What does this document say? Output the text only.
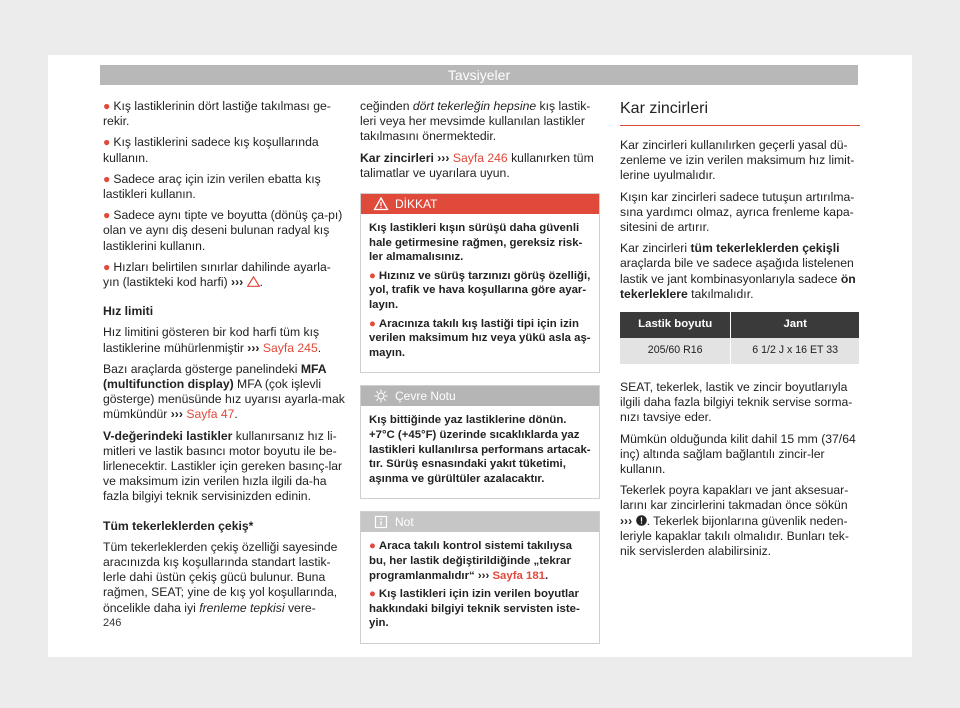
Tavsiyeler

● Kış lastiklerinin dört lastiğe takılması ge-rekir.

● Kış lastiklerini sadece kış koşullarında kullanın.

● Sadece araç için izin verilen ebatta kış lastikleri kullanın.

● Sadece aynı tipte ve boyutta (dönüş ça-pı) olan ve aynı diş deseni bulunan radyal kış lastiklerini kullanın.

● Hızları belirtilen sınırlar dahilinde ayarla-yın (lastikteki kod harfi) ››› .

Hız limiti

Hız limitini gösteren bir kod harfi tüm kış lastiklerine mühürlenmiştir ››› Sayfa 245.

Bazı araçlarda gösterge panelindeki MFA (multifunction display) MFA (çok işlevli gösterge) menüsünde hız uyarısı ayarla-mak mümkündür ››› Sayfa 47.

V-değerindeki lastikler kullanırsanız hız li-mitleri ve lastik basıncı motor boyutu ile be-lirlenecektir. Lastikler için gereken basınç-lar ve maksimum izin verilen hızla ilgili da-ha fazla bilgiyi teknik servisinizden edinin.

Tüm tekerleklerden çekiş*

Tüm tekerleklerden çekiş özelliği sayesinde aracınızda kış koşullarında standart lastik-lerle dahi üstün çekiş gücü bulunur. Buna rağmen, SEAT; yine de kış yol koşullarında, öncelikle daha iyi frenleme tepkisi vere-

ceğinden dört tekerleğin hepsine kış lastik-leri veya her mevsimde kullanılan lastikler takılmasını önermektedir.

Kar zincirleri ››› Sayfa 246 kullanırken tüm talimatlar ve uyarılara uyun.

DİKKAT

Kış lastikleri kışın sürüşü daha güvenli hale getirmesine rağmen, gereksiz risk-ler almamalısınız.

● Hızınız ve sürüş tarzınızı görüş özelliği, yol, trafik ve hava koşullarına göre ayar-layın.

● Aracınıza takılı kış lastiği tipi için izin verilen maksimum hız veya yükü asla aş-mayın.

Çevre Notu

Kış bittiğinde yaz lastiklerine dönün. +7°C (+45°F) üzerinde sıcaklıklarda yaz lastikleri kullanılırsa performans artacak-tır. Sürüş esnasındaki yakıt tüketimi, aşınma ve gürültüler azalacaktır.

Not

● Araca takılı kontrol sistemi takılıysa bu, her lastik değiştirildiğinde „tekrar programlanmalıdır“ ››› Sayfa 181.

● Kış lastikleri için izin verilen boyutlar hakkındaki bilgiyi teknik servisten iste-yin.

Kar zincirleri

Kar zincirleri kullanılırken geçerli yasal dü-zenleme ve izin verilen maksimum hız limit-lerine uyulmalıdır.

Kışın kar zincirleri sadece tutuşun artırılma-sına yardımcı olmaz, ayrıca frenleme kapa-sitesini de artırır.

Kar zincirleri tüm tekerleklerden çekişli araçlarda bile ve sadece aşağıda listelenen lastik ve jant kombinasyonlarıyla sadece ön tekerleklere takılmalıdır.

Lastik boyutu	Jant
205/60 R16	6 1/2 J x 16 ET 33

SEAT, tekerlek, lastik ve zincir boyutlarıyla ilgili daha fazla bilgiyi teknik servise sorma-nızı tavsiye eder.

Mümkün olduğunda kilit dahil 15 mm (37/64 inç) altında sağlam bağlantılı zincir-ler kullanın.

Tekerlek poyra kapakları ve jant aksesuar-larını kar zincirlerini takmadan önce sökün ››› . Tekerlek bijonlarına güvenlik neden-leriyle kapaklar takılı olmalıdır. Bunları tek-nik servislerden alabilirsiniz.

246
